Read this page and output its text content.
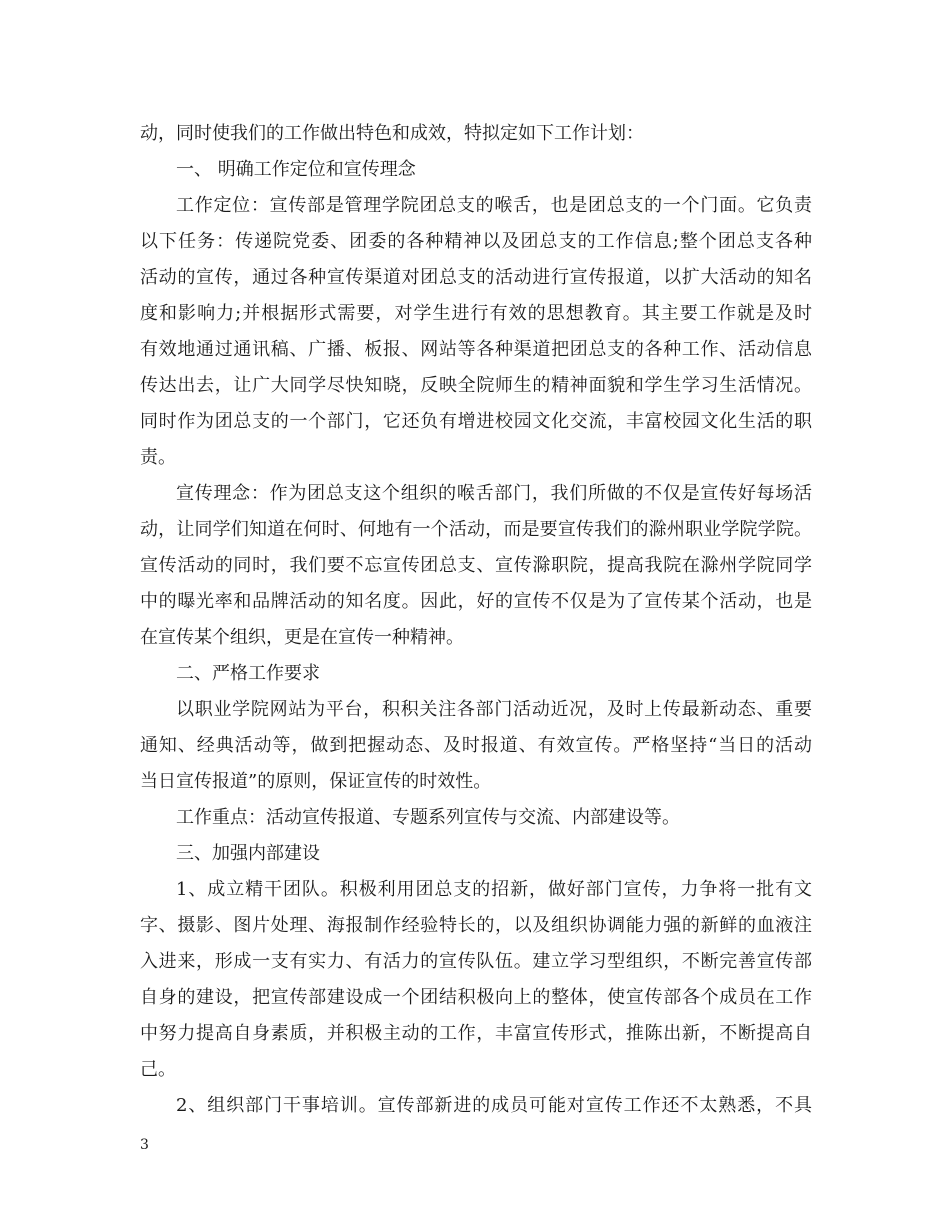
动，同时使我们的工作做出特色和成效，特拟定如下工作计划：
一、 明确工作定位和宣传理念
工作定位：宣传部是管理学院团总支的喉舌，也是团总支的一个门面。它负责
以下任务：传递院党委、团委的各种精神以及团总支的工作信息;整个团总支各种
活动的宣传，通过各种宣传渠道对团总支的活动进行宣传报道，以扩大活动的知名
度和影响力;并根据形式需要，对学生进行有效的思想教育。其主要工作就是及时
有效地通过通讯稿、广播、板报、网站等各种渠道把团总支的各种工作、活动信息
传达出去，让广大同学尽快知晓，反映全院师生的精神面貌和学生学习生活情况。
同时作为团总支的一个部门，它还负有增进校园文化交流，丰富校园文化生活的职
责。
宣传理念：作为团总支这个组织的喉舌部门，我们所做的不仅是宣传好每场活
动，让同学们知道在何时、何地有一个活动，而是要宣传我们的滁州职业学院学院。
宣传活动的同时，我们要不忘宣传团总支、宣传滁职院，提高我院在滁州学院同学
中的曝光率和品牌活动的知名度。因此，好的宣传不仅是为了宣传某个活动，也是
在宣传某个组织，更是在宣传一种精神。
二、严格工作要求
以职业学院网站为平台，积积关注各部门活动近况，及时上传最新动态、重要
通知、经典活动等，做到把握动态、及时报道、有效宣传。严格坚持“当日的活动
当日宣传报道”的原则，保证宣传的时效性。
工作重点：活动宣传报道、专题系列宣传与交流、内部建设等。
三、加强内部建设
1、成立精干团队。积极利用团总支的招新，做好部门宣传，力争将一批有文
字、摄影、图片处理、海报制作经验特长的，以及组织协调能力强的新鲜的血液注
入进来，形成一支有实力、有活力的宣传队伍。建立学习型组织，不断完善宣传部
自身的建设，把宣传部建设成一个团结积极向上的整体，使宣传部各个成员在工作
中努力提高自身素质，并积极主动的工作，丰富宣传形式，推陈出新，不断提高自
己。
2、组织部门干事培训。宣传部新进的成员可能对宣传工作还不太熟悉，不具
3
